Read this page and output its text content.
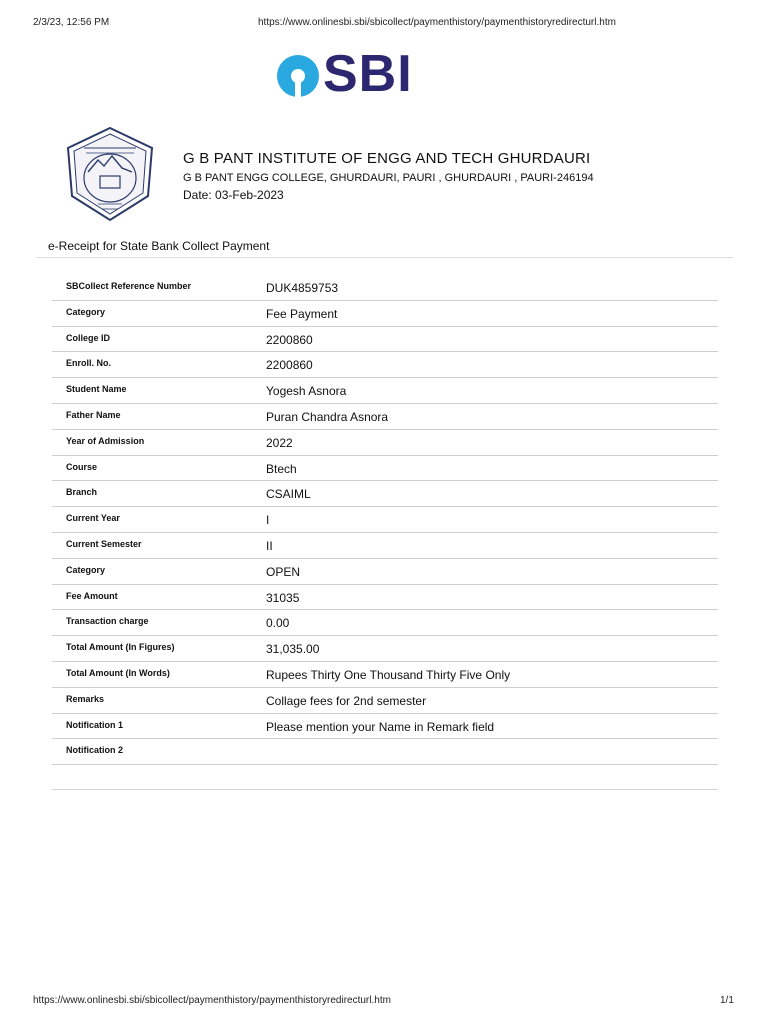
2/3/23, 12:56 PM	https://www.onlinesbi.sbi/sbicollect/paymenthistory/paymenthistoryredirecturl.htm
SBI
G B PANT INSTITUTE OF ENGG AND TECH GHURDAURI
G B PANT ENGG COLLEGE, GHURDAURI, PAURI , GHURDAURI , PAURI-246194
Date: 03-Feb-2023
e-Receipt for State Bank Collect Payment
SBCollect Reference Number	DUK4859753
Category	Fee Payment
College ID	2200860
Enroll. No.	2200860
Student Name	Yogesh Asnora
Father Name	Puran Chandra Asnora
Year of Admission	2022
Course	Btech
Branch	CSAIML
Current Year	I
Current Semester	II
Category	OPEN
Fee Amount	31035
Transaction charge	0.00
Total Amount (In Figures)	31,035.00
Total Amount (In Words)	Rupees Thirty One Thousand Thirty Five Only
Remarks	Collage fees for 2nd semester
Notification 1	Please mention your Name in Remark field
Notification 2
https://www.onlinesbi.sbi/sbicollect/paymenthistory/paymenthistoryredirecturl.htm	1/1
